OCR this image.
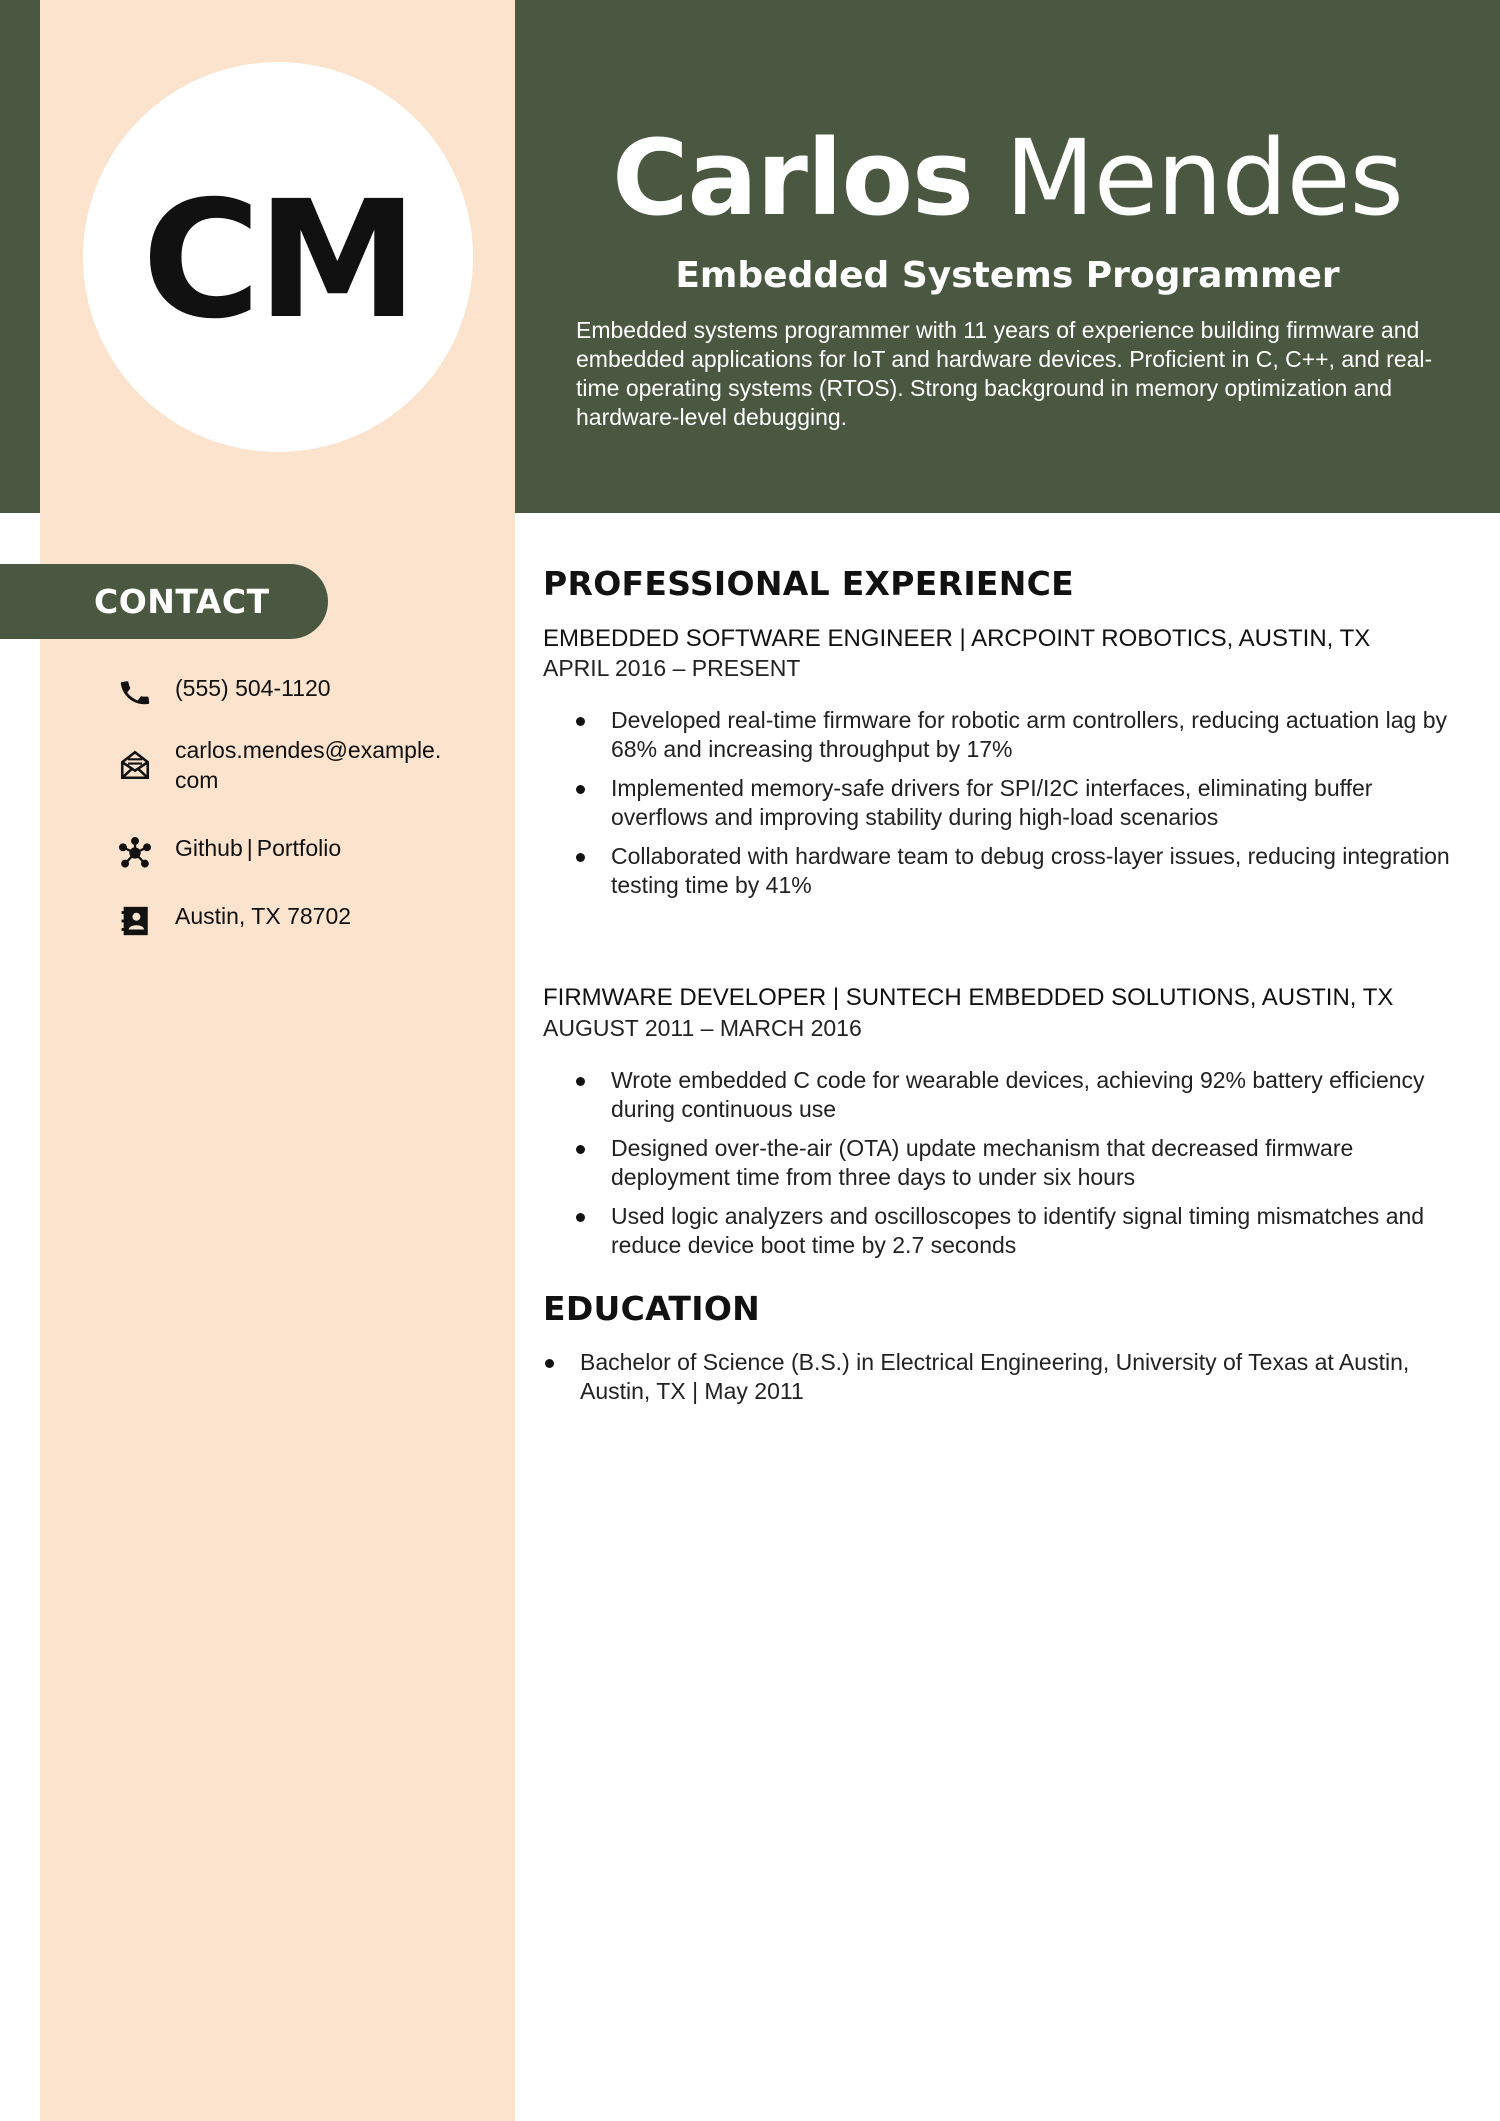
CM	Carlos Mendes
Embedded Systems Programmer
Embedded systems programmer with 11 years of experience building firmware and embedded applications for IoT and hardware devices. Proficient in C, C++, and real-time operating systems (RTOS). Strong background in memory optimization and hardware-level debugging.
CONTACT
(555) 504-1120
carlos.mendes@example.
com
Github | Portfolio
Austin, TX 78702
PROFESSIONAL EXPERIENCE
EMBEDDED SOFTWARE ENGINEER | ARCPOINT ROBOTICS, AUSTIN, TX
APRIL 2016 – PRESENT
Developed real-time firmware for robotic arm controllers, reducing actuation lag by 68% and increasing throughput by 17%
Implemented memory-safe drivers for SPI/I2C interfaces, eliminating buffer overflows and improving stability during high-load scenarios
Collaborated with hardware team to debug cross-layer issues, reducing integration testing time by 41%
FIRMWARE DEVELOPER | SUNTECH EMBEDDED SOLUTIONS, AUSTIN, TX
AUGUST 2011 – MARCH 2016
Wrote embedded C code for wearable devices, achieving 92% battery efficiency during continuous use
Designed over-the-air (OTA) update mechanism that decreased firmware deployment time from three days to under six hours
Used logic analyzers and oscilloscopes to identify signal timing mismatches and reduce device boot time by 2.7 seconds
EDUCATION
Bachelor of Science (B.S.) in Electrical Engineering, University of Texas at Austin, Austin, TX | May 2011
